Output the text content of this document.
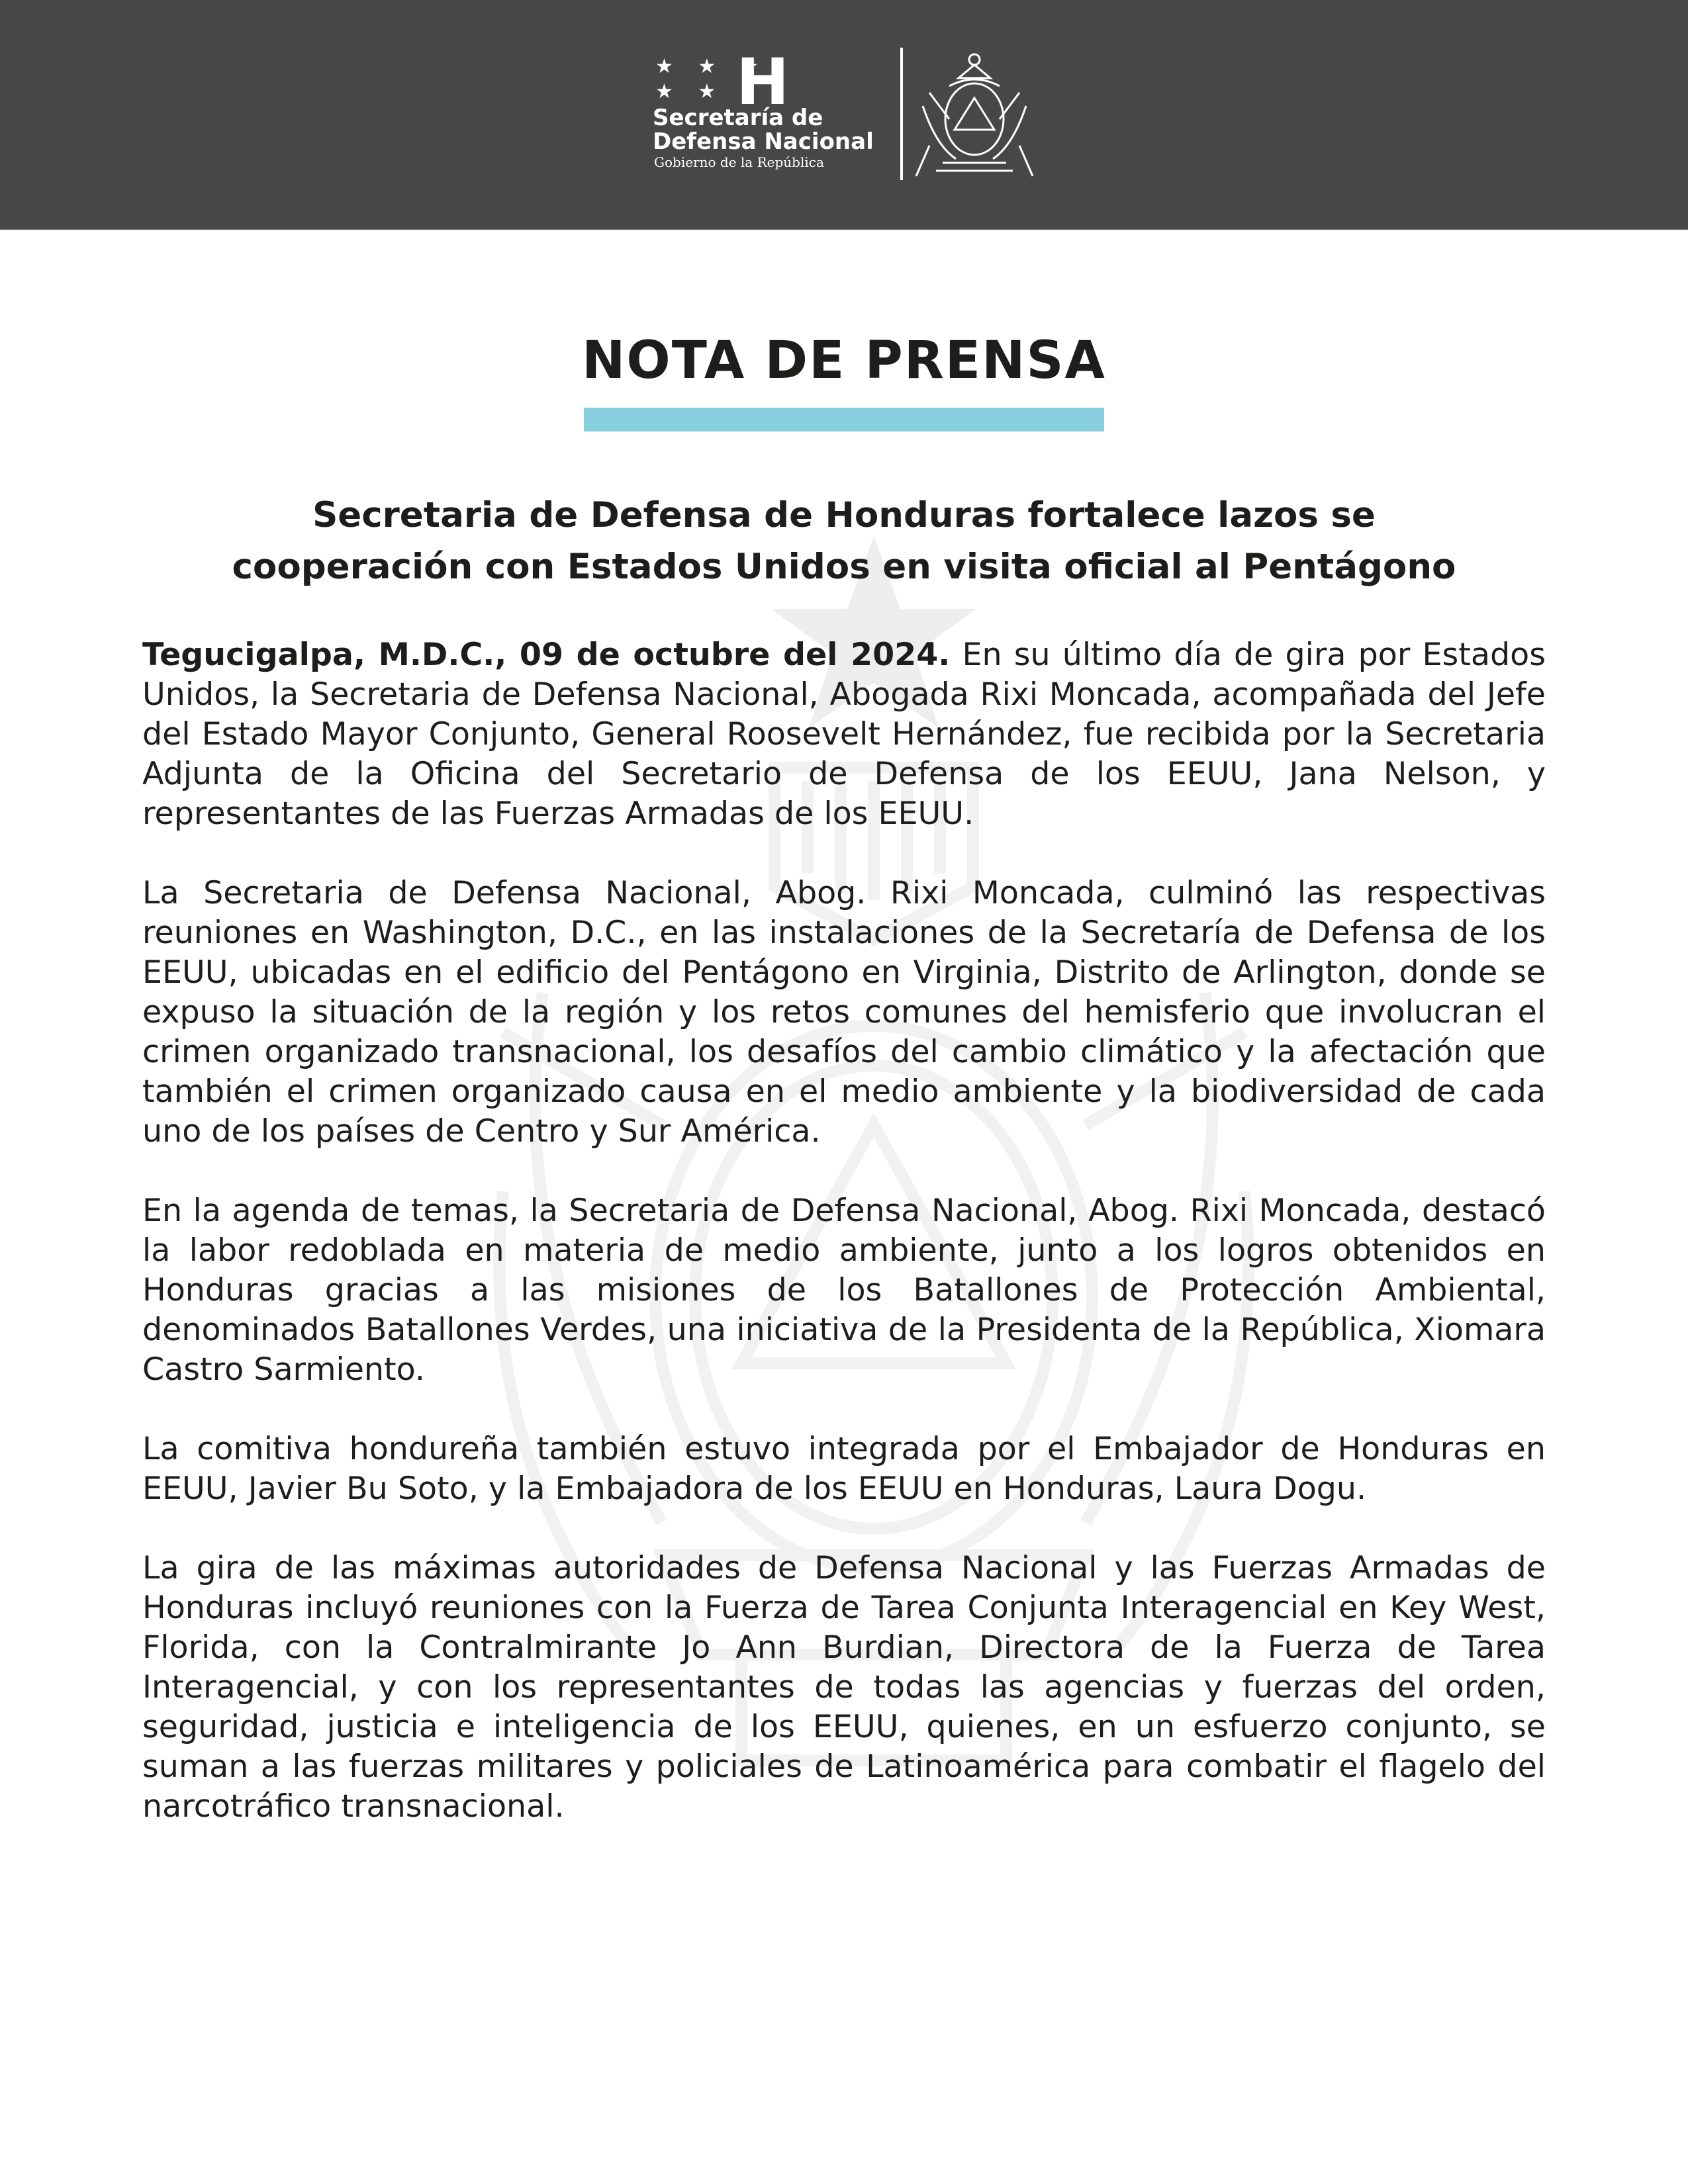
★ ★ ★
★ ★ H
Secretaría de
Defensa Nacional
Gobierno de la República
NOTA DE PRENSA
Secretaria de Defensa de Honduras fortalece lazos se
cooperación con Estados Unidos en visita oficial al Pentágono

Tegucigalpa, M.D.C., 09 de octubre del 2024. En su último día de gira por Estados Unidos, la Secretaria de Defensa Nacional, Abogada Rixi Moncada, acompañada del Jefe del Estado Mayor Conjunto, General Roosevelt Hernández, fue recibida por la Secretaria Adjunta de la Oficina del Secretario de Defensa de los EEUU, Jana Nelson, y representantes de las Fuerzas Armadas de los EEUU.

La Secretaria de Defensa Nacional, Abog. Rixi Moncada, culminó las respectivas reuniones en Washington, D.C., en las instalaciones de la Secretaría de Defensa de los EEUU, ubicadas en el edificio del Pentágono en Virginia, Distrito de Arlington, donde se expuso la situación de la región y los retos comunes del hemisferio que involucran el crimen organizado transnacional, los desafíos del cambio climático y la afectación que también el crimen organizado causa en el medio ambiente y la biodiversidad de cada uno de los países de Centro y Sur América.

En la agenda de temas, la Secretaria de Defensa Nacional, Abog. Rixi Moncada, destacó la labor redoblada en materia de medio ambiente, junto a los logros obtenidos en Honduras gracias a las misiones de los Batallones de Protección Ambiental, denominados Batallones Verdes, una iniciativa de la Presidenta de la República, Xiomara Castro Sarmiento.

La comitiva hondureña también estuvo integrada por el Embajador de Honduras en EEUU, Javier Bu Soto, y la Embajadora de los EEUU en Honduras, Laura Dogu.

La gira de las máximas autoridades de Defensa Nacional y las Fuerzas Armadas de Honduras incluyó reuniones con la Fuerza de Tarea Conjunta Interagencial en Key West, Florida, con la Contralmirante Jo Ann Burdian, Directora de la Fuerza de Tarea Interagencial, y con los representantes de todas las agencias y fuerzas del orden, seguridad, justicia e inteligencia de los EEUU, quienes, en un esfuerzo conjunto, se suman a las fuerzas militares y policiales de Latinoamérica para combatir el flagelo del narcotráfico transnacional.
